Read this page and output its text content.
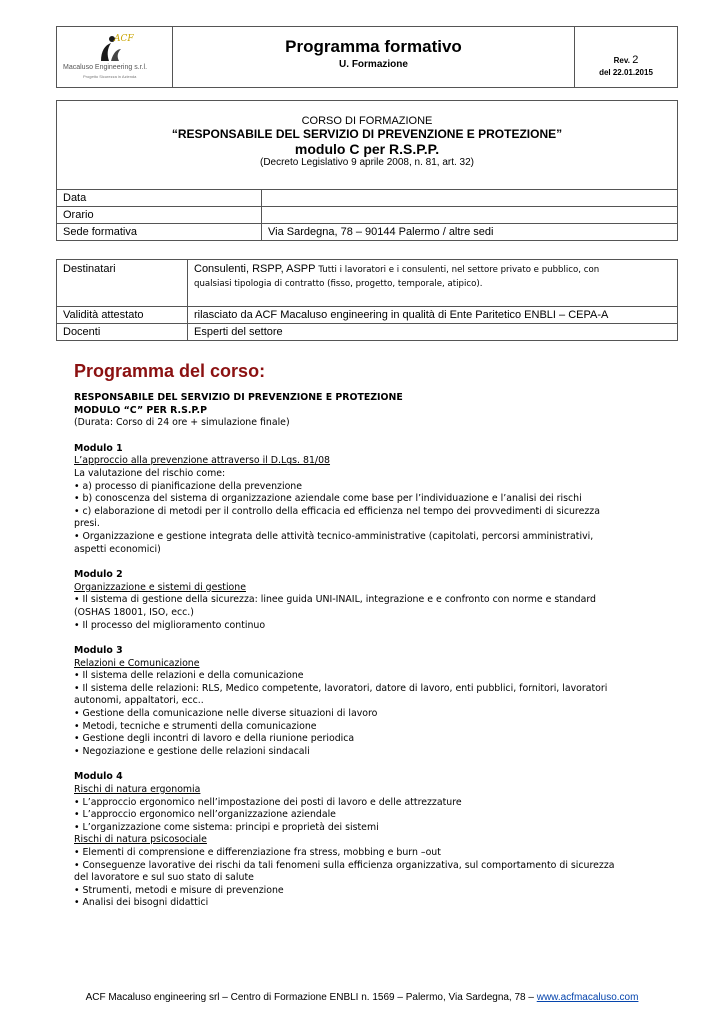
ACF
Macaluso Engineering s.r.l.
Progetto Sicurezza in Azienda
Programma formativo
U. Formazione	Rev. 2
del 22.01.2015
CORSO DI FORMAZIONE
“RESPONSABILE DEL SERVIZIO DI PREVENZIONE E PROTEZIONE”
modulo C per R.S.P.P.
(Decreto Legislativo 9 aprile 2008, n. 81, art. 32)
Data
Orario
Sede formativa	Via Sardegna, 78 – 90144 Palermo / altre sedi
Destinatari	Consulenti, RSPP, ASPP Tutti i lavoratori e i consulenti, nel settore privato e pubblico, con
qualsiasi tipologia di contratto (fisso, progetto, temporale, atipico).
Validità attestato	rilasciato da ACF Macaluso engineering in qualità di Ente Paritetico ENBLI – CEPA-A
Docenti	Esperti del settore
Programma del corso:
RESPONSABILE DEL SERVIZIO DI PREVENZIONE E PROTEZIONE
MODULO “C” PER R.S.P.P
(Durata: Corso di 24 ore + simulazione finale)
Modulo 1
L’approccio alla prevenzione attraverso il D.Lgs. 81/08
La valutazione del rischio come:
• a) processo di pianificazione della prevenzione
• b) conoscenza del sistema di organizzazione aziendale come base per l’individuazione e l’analisi dei rischi
• c) elaborazione di metodi per il controllo della efficacia ed efficienza nel tempo dei provvedimenti di sicurezza
presi.
• Organizzazione e gestione integrata delle attività tecnico-amministrative (capitolati, percorsi amministrativi,
aspetti economici)
Modulo 2
Organizzazione e sistemi di gestione
• Il sistema di gestione della sicurezza: linee guida UNI-INAIL, integrazione e e confronto con norme e standard
(OSHAS 18001, ISO, ecc.)
• Il processo del miglioramento continuo
Modulo 3
Relazioni e Comunicazione
• Il sistema delle relazioni e della comunicazione
• Il sistema delle relazioni: RLS, Medico competente, lavoratori, datore di lavoro, enti pubblici, fornitori, lavoratori
autonomi, appaltatori, ecc..
• Gestione della comunicazione nelle diverse situazioni di lavoro
• Metodi, tecniche e strumenti della comunicazione
• Gestione degli incontri di lavoro e della riunione periodica
• Negoziazione e gestione delle relazioni sindacali
Modulo 4
Rischi di natura ergonomia
• L’approccio ergonomico nell’impostazione dei posti di lavoro e delle attrezzature
• L’approccio ergonomico nell’organizzazione aziendale
• L’organizzazione come sistema: principi e proprietà dei sistemi
Rischi di natura psicosociale
• Elementi di comprensione e differenziazione fra stress, mobbing e burn –out
• Conseguenze lavorative dei rischi da tali fenomeni sulla efficienza organizzativa, sul comportamento di sicurezza
del lavoratore e sul suo stato di salute
• Strumenti, metodi e misure di prevenzione
• Analisi dei bisogni didattici
ACF Macaluso engineering srl – Centro di Formazione ENBLI n. 1569 – Palermo, Via Sardegna, 78 – www.acfmacaluso.com
